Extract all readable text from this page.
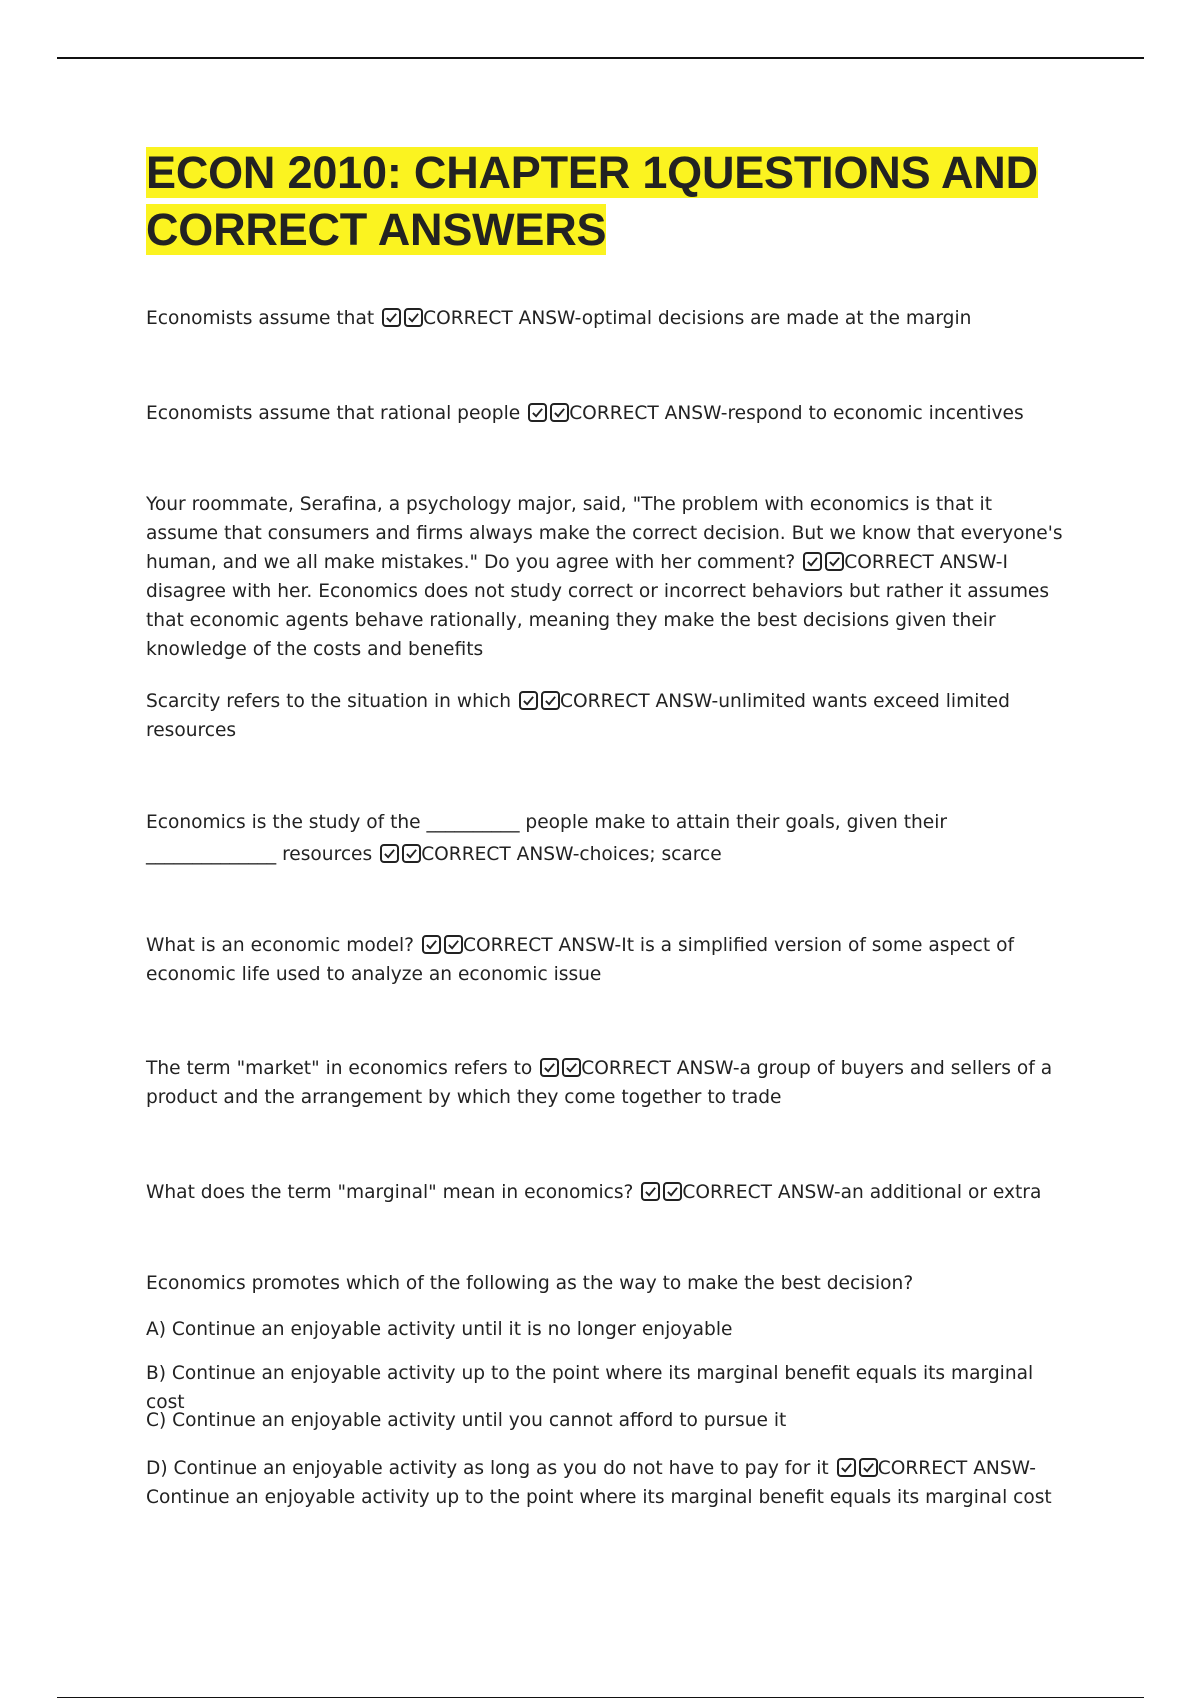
ECON 2010: CHAPTER 1QUESTIONS AND CORRECT ANSWERS
Economists assume that	CORRECT ANSW-optimal decisions are made at the margin
Economists assume that rational people	CORRECT ANSW-respond to economic incentives
Your roommate, Serafina, a psychology major, said, "The problem with economics is that it assume that consumers and firms always make the correct decision. But we know that everyone's human, and we all make mistakes." Do you agree with her comment?	CORRECT ANSW-I disagree with her. Economics does not study correct or incorrect behaviors but rather it assumes that economic agents behave rationally, meaning they make the best decisions given their knowledge of the costs and benefits
Scarcity refers to the situation in which	CORRECT ANSW-unlimited wants exceed limited resources
Economics is the study of the __________ people make to attain their goals, given their ______________ resources	CORRECT ANSW-choices; scarce
What is an economic model?	CORRECT ANSW-It is a simplified version of some aspect of economic life used to analyze an economic issue
The term "market" in economics refers to	CORRECT ANSW-a group of buyers and sellers of a product and the arrangement by which they come together to trade
What does the term "marginal" mean in economics?	CORRECT ANSW-an additional or extra
Economics promotes which of the following as the way to make the best decision?
A) Continue an enjoyable activity until it is no longer enjoyable
B) Continue an enjoyable activity up to the point where its marginal benefit equals its marginal cost
C) Continue an enjoyable activity until you cannot afford to pursue it
D) Continue an enjoyable activity as long as you do not have to pay for it	CORRECT ANSW-Continue an enjoyable activity up to the point where its marginal benefit equals its marginal cost
